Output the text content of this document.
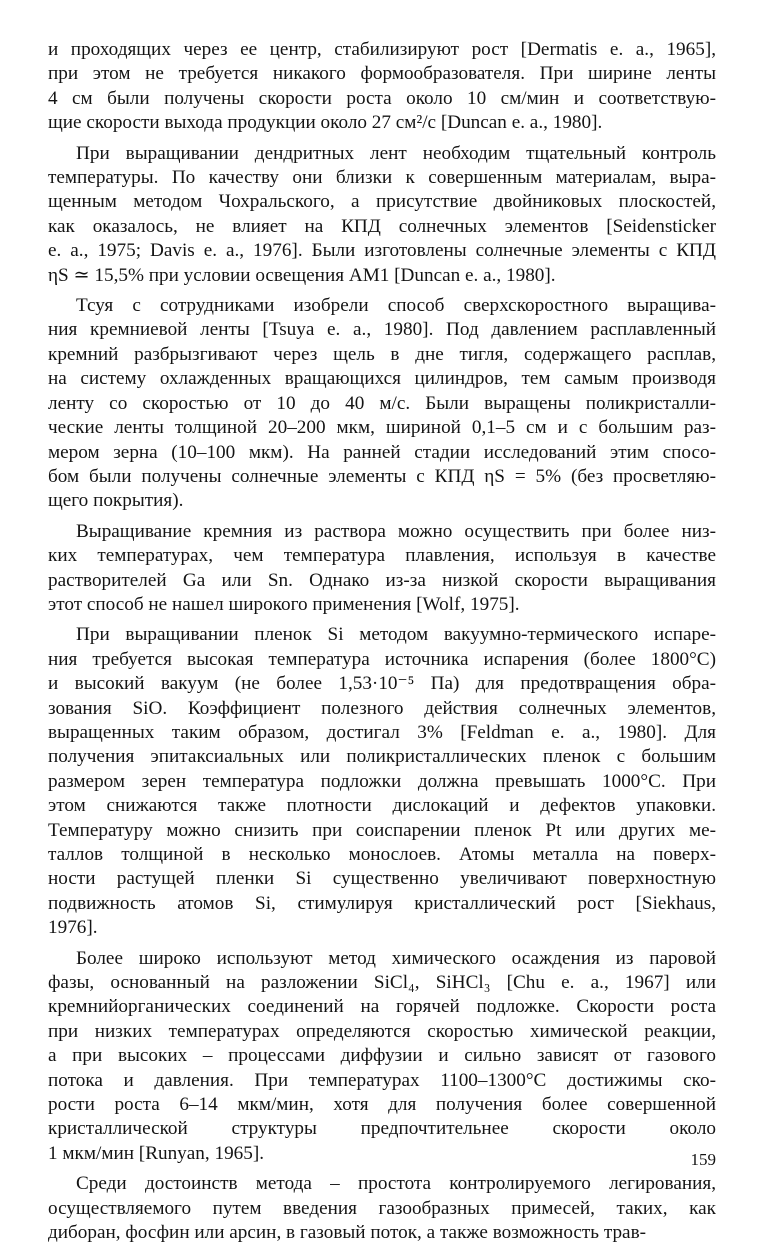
и проходящих через ее центр, стабилизируют рост [Dermatis e. a., 1965],
при этом не требуется никакого формообразователя. При ширине ленты
4 см были получены скорости роста около 10 см/мин и соответствую-
щие скорости выхода продукции около 27 см²/с [Duncan e. a., 1980].
При выращивании дендритных лент необходим тщательный контроль
температуры. По качеству они близки к совершенным материалам, выра-
щенным методом Чохральского, а присутствие двойниковых плоскостей,
как оказалось, не влияет на КПД солнечных элементов [Seidensticker
e. a., 1975; Davis e. a., 1976]. Были изготовлены солнечные элементы с КПД
ηS ≃ 15,5% при условии освещения AM1 [Duncan e. a., 1980].
Тсуя с сотрудниками изобрели способ сверхскоростного выращива-
ния кремниевой ленты [Tsuya e. a., 1980]. Под давлением расплавленный
кремний разбрызгивают через щель в дне тигля, содержащего расплав,
на систему охлажденных вращающихся цилиндров, тем самым производя
ленту со скоростью от 10 до 40 м/с. Были выращены поликристалли-
ческие ленты толщиной 20–200 мкм, шириной 0,1–5 см и с большим раз-
мером зерна (10–100 мкм). На ранней стадии исследований этим спосо-
бом были получены солнечные элементы с КПД ηS = 5% (без просветляю-
щего покрытия).
Выращивание кремния из раствора можно осуществить при более низ-
ких температурах, чем температура плавления, используя в качестве
растворителей Ga или Sn. Однако из-за низкой скорости выращивания
этот способ не нашел широкого применения [Wolf, 1975].
При выращивании пленок Si методом вакуумно-термического испаре-
ния требуется высокая температура источника испарения (более 1800°C)
и высокий вакуум (не более 1,53·10⁻⁵ Па) для предотвращения обра-
зования SiO. Коэффициент полезного действия солнечных элементов,
выращенных таким образом, достигал 3% [Feldman e. a., 1980]. Для
получения эпитаксиальных или поликристаллических пленок с большим
размером зерен температура подложки должна превышать 1000°C. При
этом снижаются также плотности дислокаций и дефектов упаковки.
Температуру можно снизить при соиспарении пленок Pt или других ме-
таллов толщиной в несколько монослоев. Атомы металла на поверх-
ности растущей пленки Si существенно увеличивают поверхностную
подвижность атомов Si, стимулируя кристаллический рост [Siekhaus,
1976].
Более широко используют метод химического осаждения из паровой
фазы, основанный на разложении SiCl₄, SiHCl₃ [Chu e. a., 1967] или
кремнийорганических соединений на горячей подложке. Скорости роста
при низких температурах определяются скоростью химической реакции,
а при высоких – процессами диффузии и сильно зависят от газового
потока и давления. При температурах 1100–1300°C достижимы ско-
рости роста 6–14 мкм/мин, хотя для получения более совершенной
кристаллической структуры предпочтительнее скорости около
1 мкм/мин [Runyan, 1965].
Среди достоинств метода – простота контролируемого легирования,
осуществляемого путем введения газообразных примесей, таких, как
диборан, фосфин или арсин, в газовый поток, а также возможность трав-
159
